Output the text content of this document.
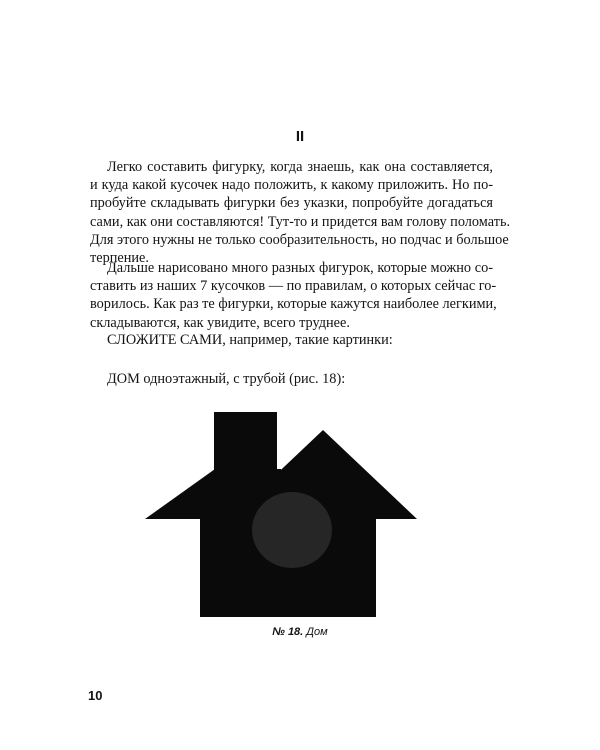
II

Легко составить фигурку, когда знаешь, как она составляется,
и куда какой кусочек надо положить, к какому приложить. Но по-
пробуйте складывать фигурки без указки, попробуйте догадаться
сами, как они составляются! Тут-то и придется вам голову поломать.
Для этого нужны не только сообразительность, но подчас и большое
терпение.

Дальше нарисовано много разных фигурок, которые можно со-
ставить из наших 7 кусочков — по правилам, о которых сейчас го-
ворилось. Как раз те фигурки, которые кажутся наиболее легкими,
складываются, как увидите, всего труднее.

СЛОЖИТЕ САМИ, например, такие картинки:

ДОМ одноэтажный, с трубой (рис. 18):

№ 18. Дом

10
